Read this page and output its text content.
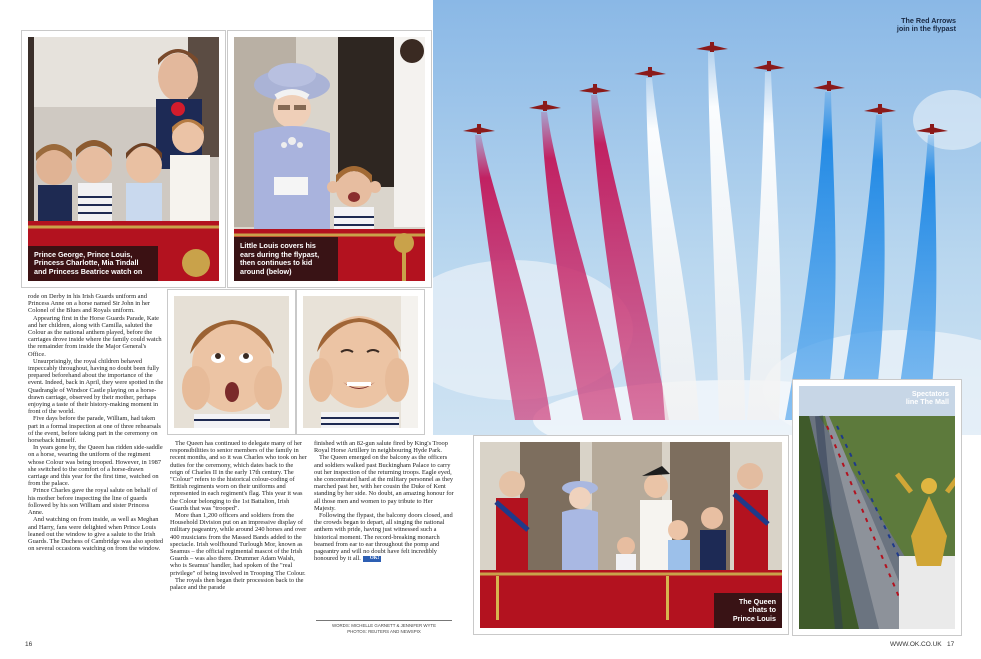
The Red Arrows
join in the flypast
Prince George, Prince Louis,
Princess Charlotte, Mia Tindall
and Princess Beatrice watch on
Little Louis covers his
ears during the flypast,
then continues to kid
around (below)
The Queen
chats to
Prince Louis
Spectators
line The Mall

rode on Derby in his Irish Guards uniform and Princess Anne on a horse named Sir John in her Colonel of the Blues and Royals uniform.

Appearing first in the Horse Guards Parade, Kate and her children, along with Camilla, saluted the Colour as the national anthem played, before the carriages drove inside where the family could watch the remainder from inside the Major General's Office.

Unsurprisingly, the royal children behaved impeccably throughout, having no doubt been fully prepared beforehand about the importance of the event. Indeed, back in April, they were spotted in the Quadrangle of Windsor Castle playing on a horse-drawn carriage, observed by their mother, perhaps enjoying a taste of their history-making moment in front of the world.

Five days before the parade, William, had taken part in a formal inspection at one of three rehearsals of the event, before taking part in the ceremony on horseback himself.

In years gone by, the Queen has ridden side-saddle on a horse, wearing the uniform of the regiment whose Colour was being trooped. However, in 1987 she switched to the comfort of a horse-drawn carriage and this year for the first time, watched on from the palace.

Prince Charles gave the royal salute on behalf of his mother before inspecting the line of guards followed by his son William and sister Princess Anne.

And watching on from inside, as well as Meghan and Harry, fans were delighted when Prince Louis leaned out the window to give a salute to the Irish Guards. The Duchess of Cambridge was also spotted on several occasions watching on from the window.

The Queen has continued to delegate many of her responsibilities to senior members of the family in recent months, and so it was Charles who took on her duties for the ceremony, which dates back to the reign of Charles II in the early 17th century. The "Colour" refers to the historical colour-coding of British regiments worn on their uniforms and represented in each regiment's flag. This year it was the Colour belonging to the 1st Battalion, Irish Guards that was "trooped".

More than 1,200 officers and soldiers from the Household Division put on an impressive display of military pageantry, while around 240 horses and over 400 musicians from the Massed Bands added to the spectacle. Irish wolfhound Turlough Mor, known as Seamus – the official regimental mascot of the Irish Guards – was also there. Drummer Adam Walsh, who is Seamus' handler, had spoken of the "real privilege" of being involved in Trooping The Colour.

The royals then began their procession back to the palace and the parade

finished with an 82-gun salute fired by King's Troop Royal Horse Artillery in neighbouring Hyde Park.

The Queen emerged on the balcony as the officers and soldiers walked past Buckingham Palace to carry out her inspection of the returning troops. Eagle eyed, she concentrated hard at the military personnel as they marched past her, with her cousin the Duke of Kent standing by her side. No doubt, an amazing honour for all those men and women to pay tribute to Her Majesty.

Following the flypast, the balcony doors closed, and the crowds began to depart, all singing the national anthem with pride, having just witnessed such a historical moment. The record-breaking monarch beamed from ear to ear throughout the pomp and pageantry and will no doubt have felt incredibly honoured by it all. OK!

WORDS: MICHELLE GARNETT & JENNIFER WYTE
PHOTOS: REUTERS AND NEWSPIX
16	WWW.OK.CO.UK   17
